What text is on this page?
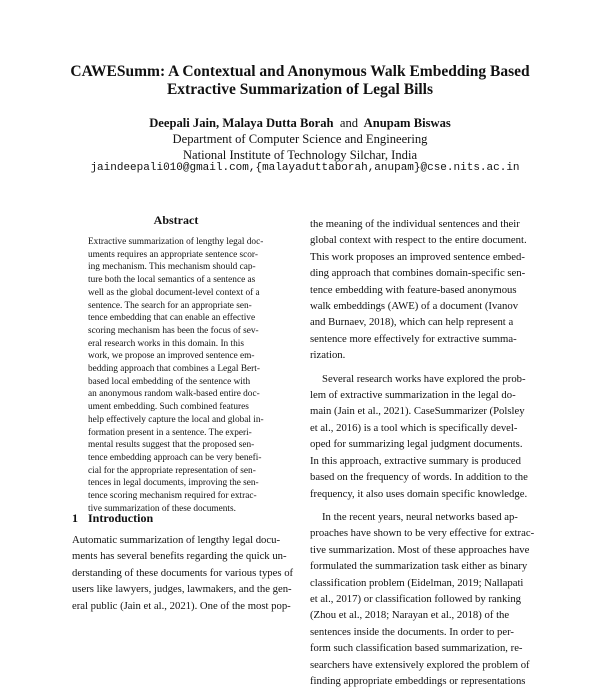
CAWESumm: A Contextual and Anonymous Walk Embedding Based
Extractive Summarization of Legal Bills
Deepali Jain, Malaya Dutta Borah and Anupam Biswas
Department of Computer Science and Engineering
National Institute of Technology Silchar, India
jaindeepali010@gmail.com,{malayaduttaborah,anupam}@cse.nits.ac.in
Abstract
Extractive summarization of lengthy legal doc-
uments requires an appropriate sentence scor-
ing mechanism. This mechanism should cap-
ture both the local semantics of a sentence as
well as the global document-level context of a
sentence. The search for an appropriate sen-
tence embedding that can enable an effective
scoring mechanism has been the focus of sev-
eral research works in this domain. In this
work, we propose an improved sentence em-
bedding approach that combines a Legal Bert-
based local embedding of the sentence with
an anonymous random walk-based entire doc-
ument embedding. Such combined features
help effectively capture the local and global in-
formation present in a sentence. The experi-
mental results suggest that the proposed sen-
tence embedding approach can be very benefi-
cial for the appropriate representation of sen-
tences in legal documents, improving the sen-
tence scoring mechanism required for extrac-
tive summarization of these documents.
1 Introduction
Automatic summarization of lengthy legal docu-
ments has several benefits regarding the quick un-
derstanding of these documents for various types of
users like lawyers, judges, lawmakers, and the gen-
eral public (Jain et al., 2021). One of the most pop-
the meaning of the individual sentences and their
global context with respect to the entire document.
This work proposes an improved sentence embed-
ding approach that combines domain-specific sen-
tence embedding with feature-based anonymous
walk embeddings (AWE) of a document (Ivanov
and Burnaev, 2018), which can help represent a
sentence more effectively for extractive summa-
rization.
Several research works have explored the prob-
lem of extractive summarization in the legal do-
main (Jain et al., 2021). CaseSummarizer (Polsley
et al., 2016) is a tool which is specifically devel-
oped for summarizing legal judgment documents.
In this approach, extractive summary is produced
based on the frequency of words. In addition to the
frequency, it also uses domain specific knowledge.
In the recent years, neural networks based ap-
proaches have shown to be very effective for extrac-
tive summarization. Most of these approaches have
formulated the summarization task either as binary
classification problem (Eidelman, 2019; Nallapati
et al., 2017) or classification followed by ranking
(Zhou et al., 2018; Narayan et al., 2018) of the
sentences inside the documents. In order to per-
form such classification based summarization, re-
searchers have extensively explored the problem of
finding appropriate embeddings or representations
